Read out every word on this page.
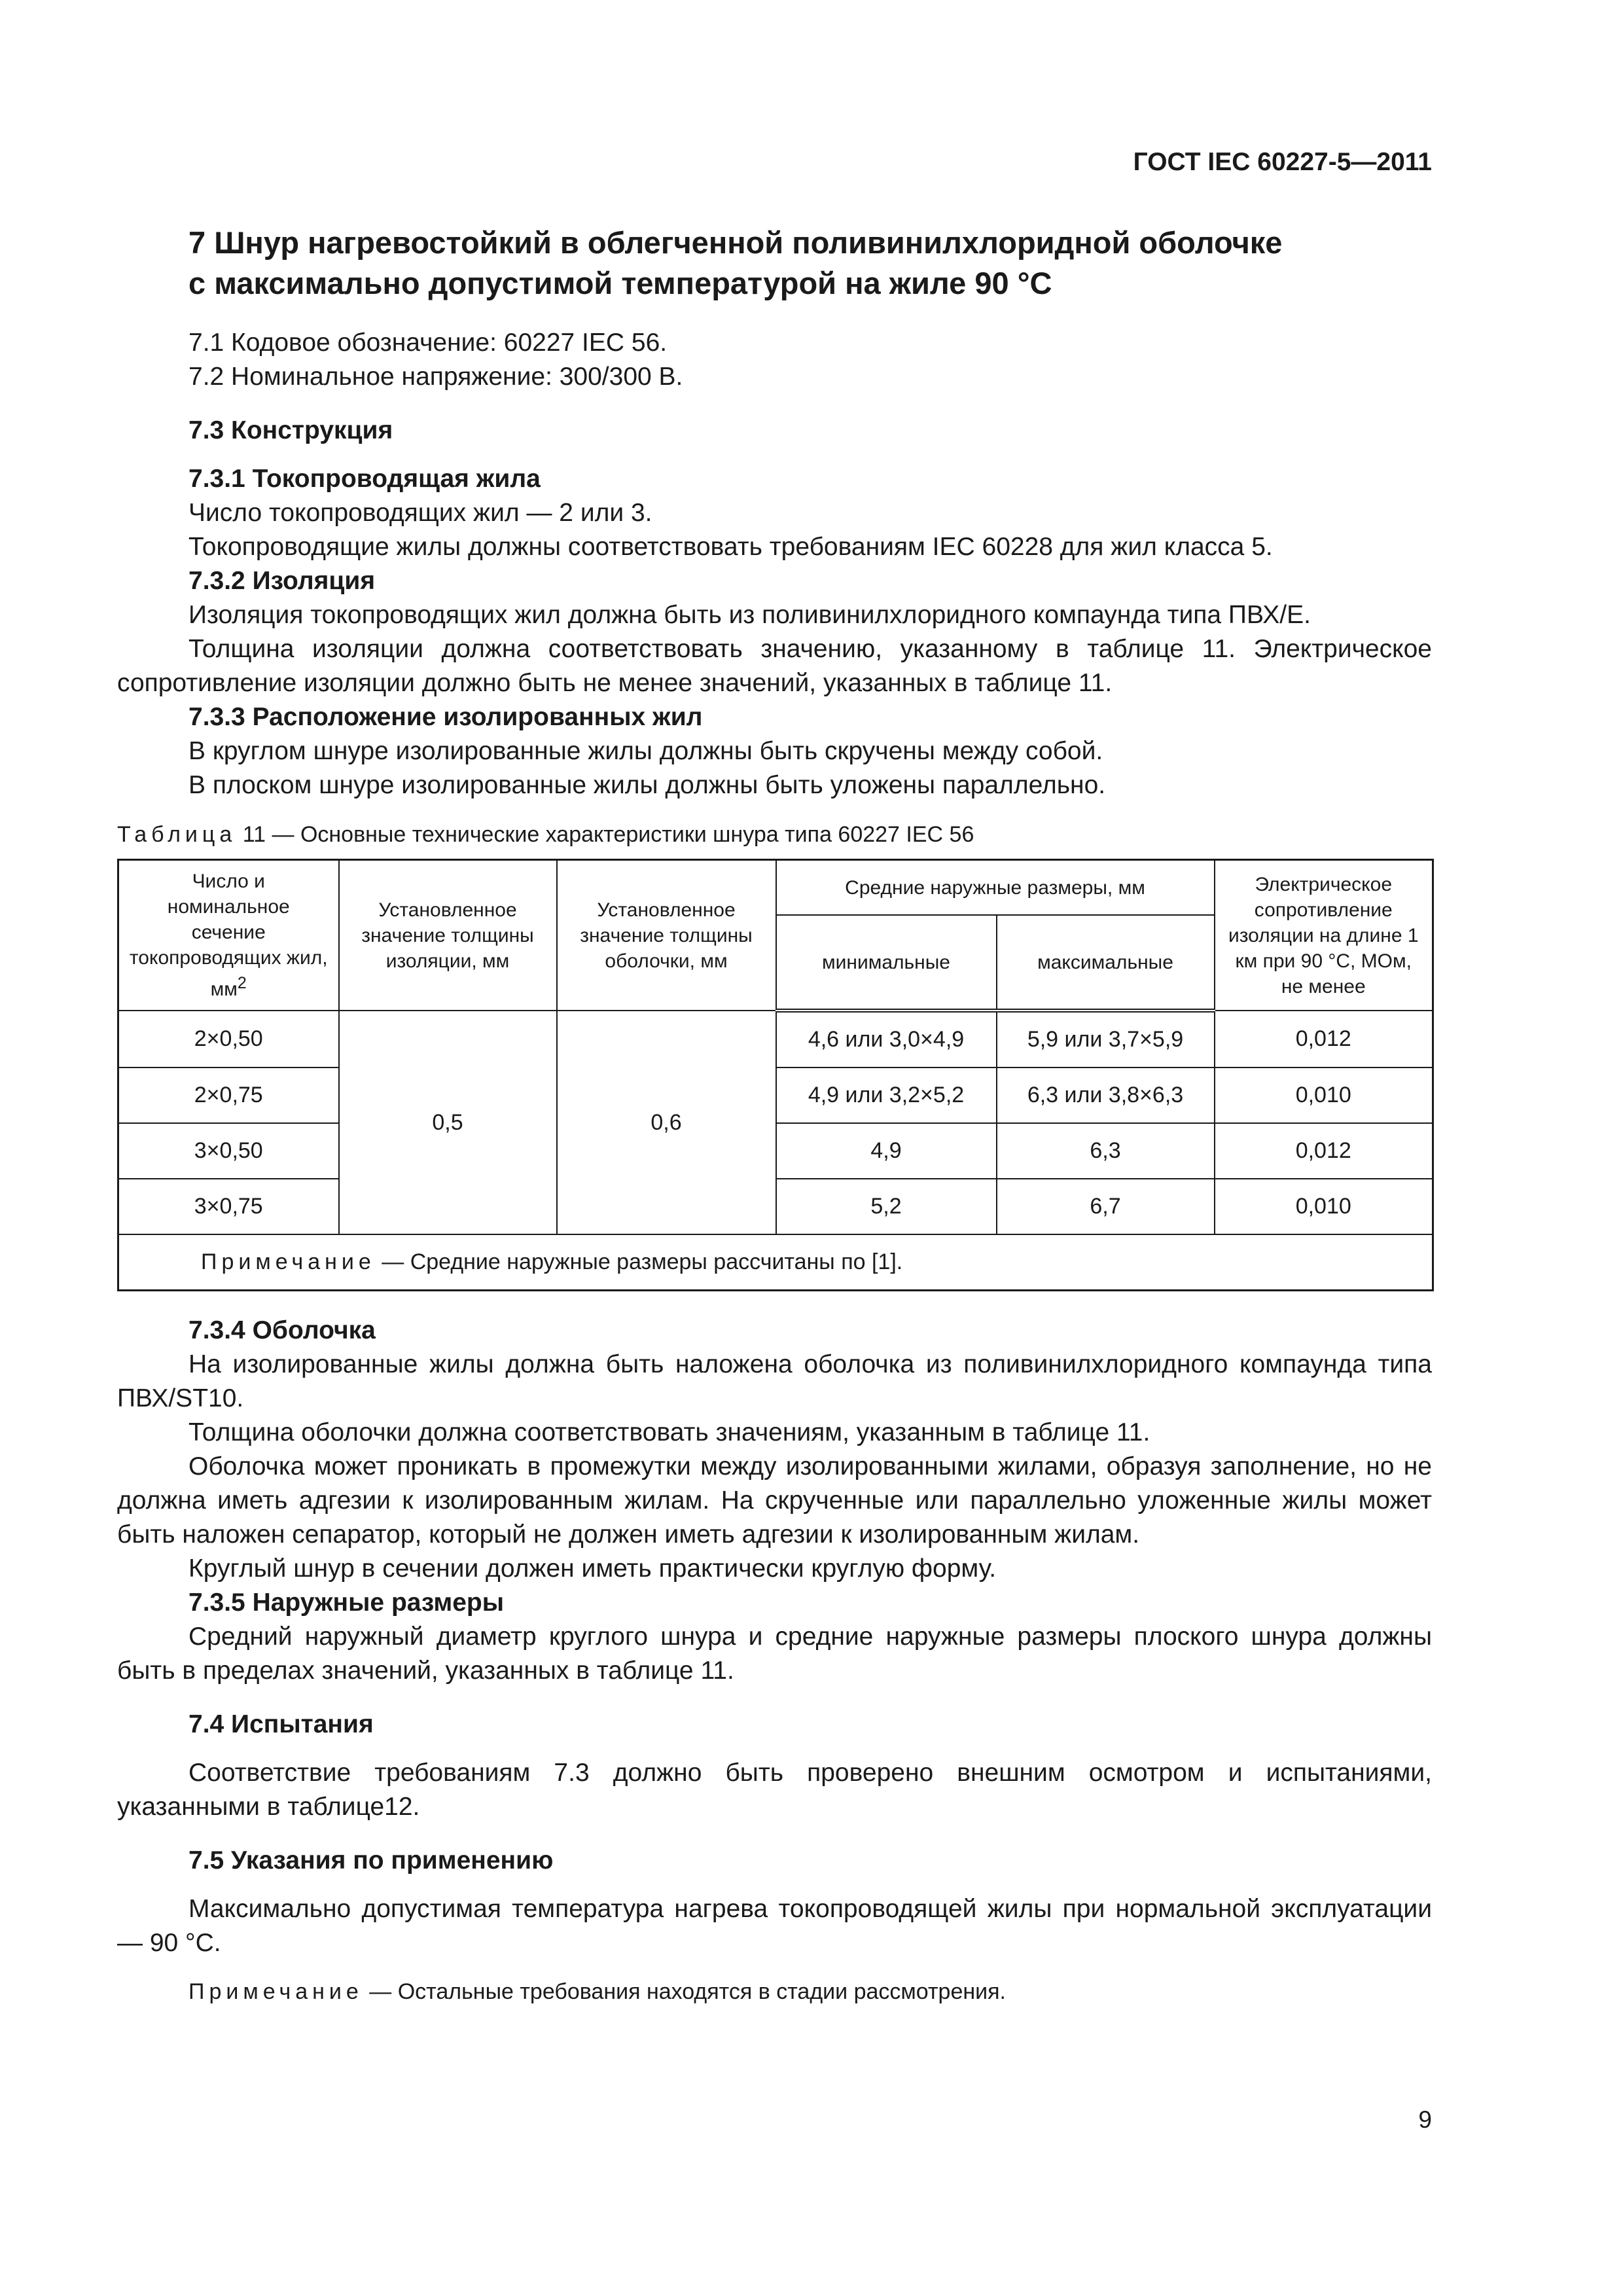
ГОСТ IEC 60227-5—2011
7 Шнур нагревостойкий в облегченной поливинилхлоридной оболочке
с максимально допустимой температурой на жиле 90 °С

7.1 Кодовое обозначение: 60227 IEC 56.

7.2 Номинальное напряжение: 300/300 В.

7.3 Конструкция
7.3.1 Токопроводящая жила

Число токопроводящих жил — 2 или 3.

Токопроводящие жилы должны соответствовать требованиям IEC 60228 для жил класса 5.

7.3.2 Изоляция

Изоляция токопроводящих жил должна быть из поливинилхлоридного компаунда типа ПВХ/Е.

Толщина изоляции должна соответствовать значению, указанному в таблице 11. Электрическое сопротивление изоляции должно быть не менее значений, указанных в таблице 11.

7.3.3 Расположение изолированных жил

В круглом шнуре изолированные жилы должны быть скручены между собой.

В плоском шнуре изолированные жилы должны быть уложены параллельно.

Таблица 11 — Основные технические характеристики шнура типа 60227 IEC 56
Число и номинальное сечение токопроводящих жил, $мм^2$	Установленное значение толщины изоляции, мм	Установленное значение толщины оболочки, мм	Средние наружные размеры, мм		Электрическое сопротивление изоляции на длине 1 км при 90 °С, МОм, не менее
			минимальные	максимальные	
2×0,50	0,5	0,6	4,6 или 3,0×4,9	5,9 или 3,7×5,9	0,012
2×0,75			4,9 или 3,2×5,2	6,3 или 3,8×6,3	0,010
3×0,50			4,9	6,3	0,012
3×0,75			5,2	6,7	0,010
Примечание — Средние наружные размеры рассчитаны по [1].					
7.3.4 Оболочка

На изолированные жилы должна быть наложена оболочка из поливинилхлоридного компаунда типа ПВХ/ST10.

Толщина оболочки должна соответствовать значениям, указанным в таблице 11.

Оболочка может проникать в промежутки между изолированными жилами, образуя заполнение, но не должна иметь адгезии к изолированным жилам. На скрученные или параллельно уложенные жилы может быть наложен сепаратор, который не должен иметь адгезии к изолированным жилам.

Круглый шнур в сечении должен иметь практически круглую форму.

7.3.5 Наружные размеры

Средний наружный диаметр круглого шнура и средние наружные размеры плоского шнура должны быть в пределах значений, указанных в таблице 11.

7.4 Испытания

Соответствие требованиям 7.3 должно быть проверено внешним осмотром и испытаниями, указанными в таблице12.

7.5 Указания по применению

Максимально допустимая температура нагрева токопроводящей жилы при нормальной эксплуатации — 90 °С.

Примечание — Остальные требования находятся в стадии рассмотрения.

9
